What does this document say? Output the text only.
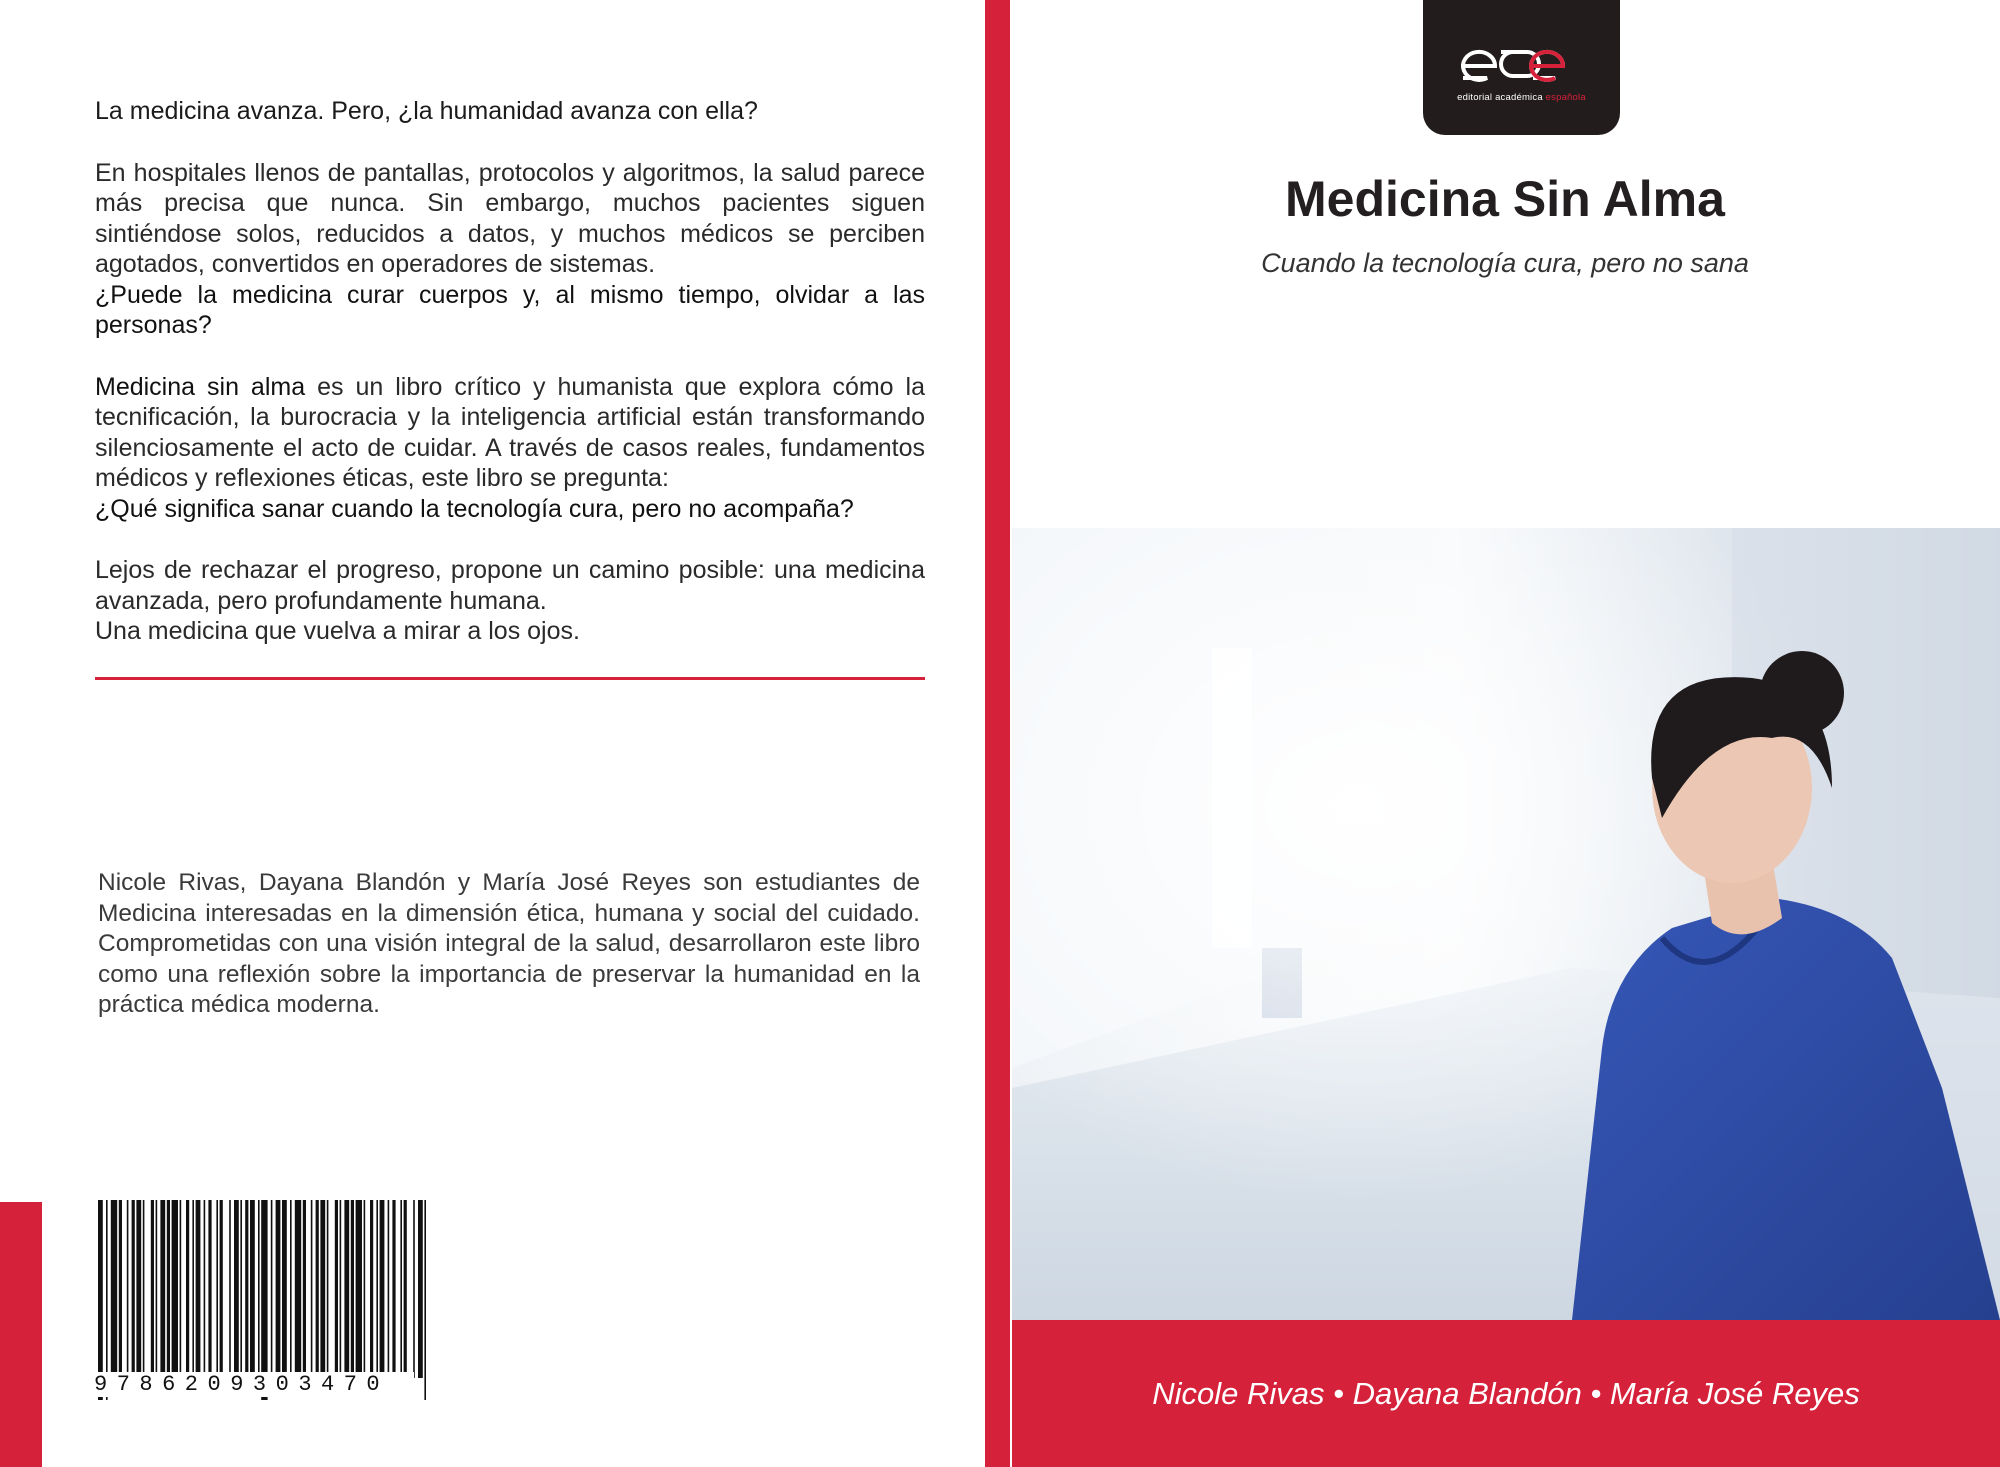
La medicina avanza. Pero, ¿la humanidad avanza con ella?

En hospitales llenos de pantallas, protocolos y algoritmos, la salud parece más precisa que nunca. Sin embargo, muchos pacientes siguen sintiéndose solos, reducidos a datos, y muchos médicos se perciben agotados, convertidos en operadores de sistemas.
¿Puede la medicina curar cuerpos y, al mismo tiempo, olvidar a las personas?

Medicina sin alma es un libro crítico y humanista que explora cómo la tecnificación, la burocracia y la inteligencia artificial están transformando silenciosamente el acto de cuidar. A través de casos reales, fundamentos médicos y reflexiones éticas, este libro se pregunta:
¿Qué significa sanar cuando la tecnología cura, pero no acompaña?

Lejos de rechazar el progreso, propone un camino posible: una medicina avanzada, pero profundamente humana.
Una medicina que vuelva a mirar a los ojos.

Nicole Rivas, Dayana Blandón y María José Reyes son estudiantes de Medicina interesadas en la dimensión ética, humana y social del cuidado. Comprometidas con una visión integral de la salud, desarrollaron este libro como una reflexión sobre la importancia de preservar la humanidad en la práctica médica moderna.
9786209303470
editorial académica española
Medicina Sin Alma
Cuando la tecnología cura, pero no sana
Nicole Rivas • Dayana Blandón • María José Reyes
